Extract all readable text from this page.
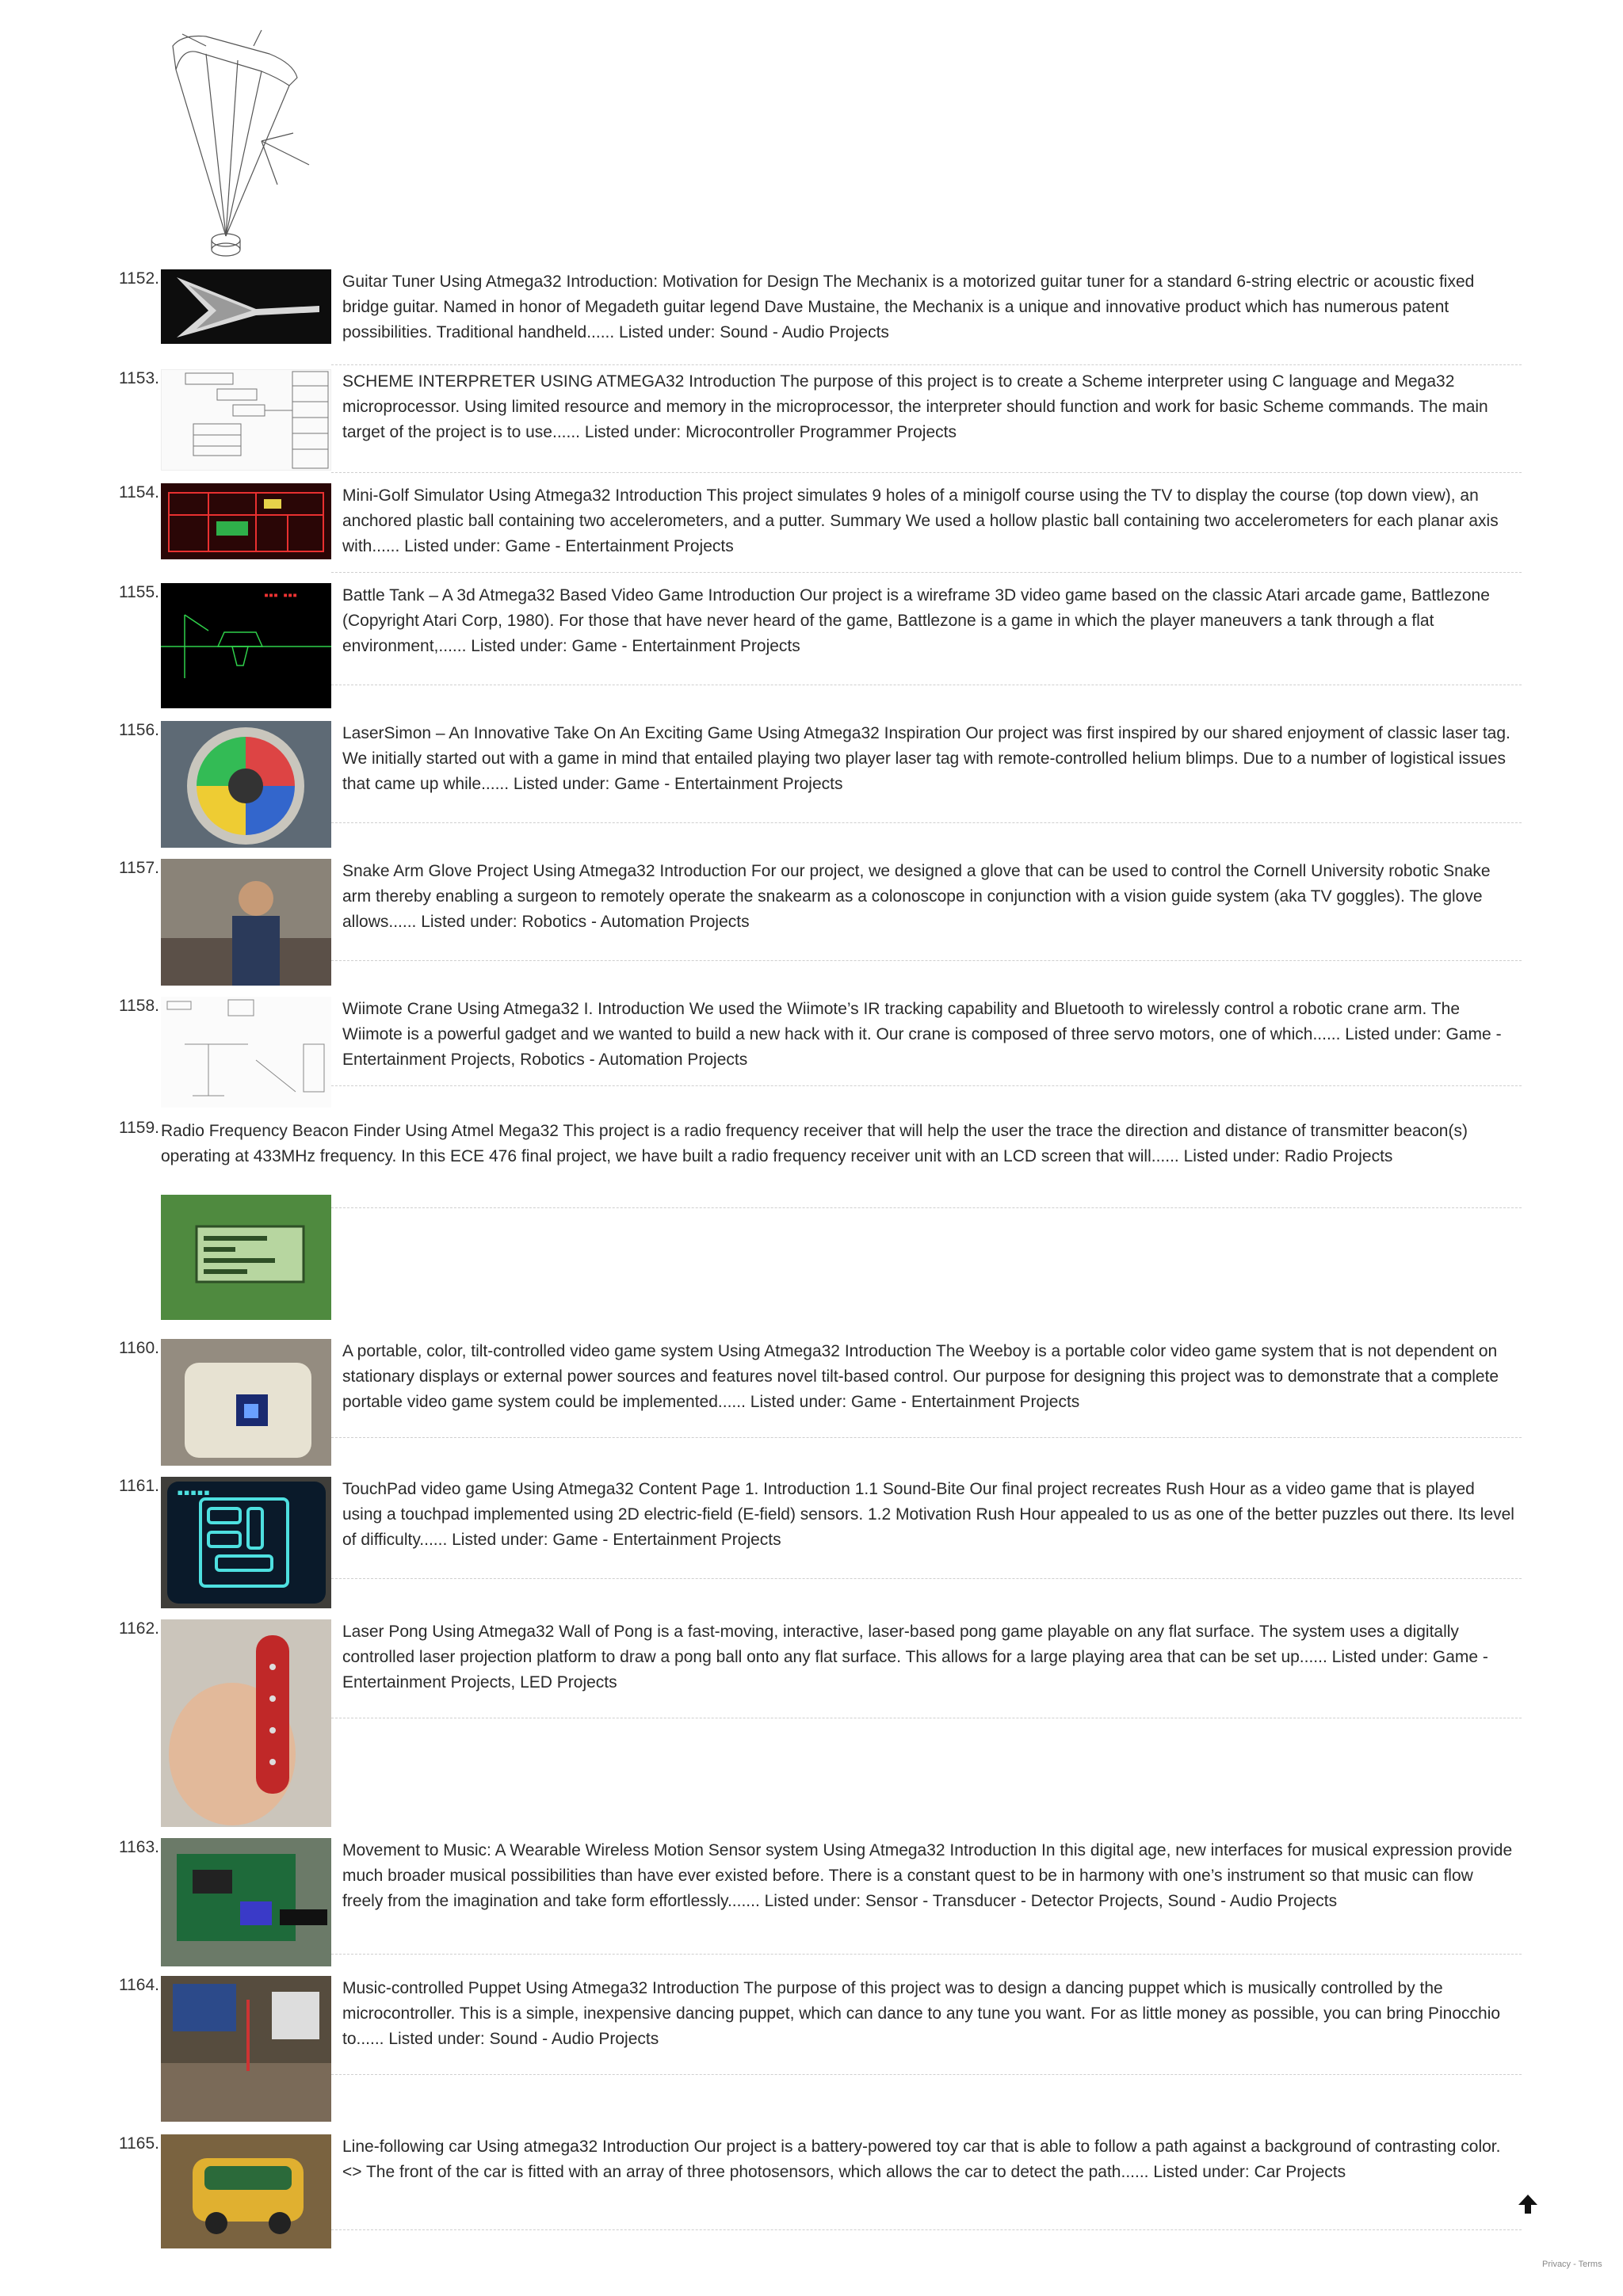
1152.	Guitar Tuner Using Atmega32 Introduction: Motivation for Design The Mechanix is a motorized guitar tuner for a standard 6-string electric or acoustic fixed bridge guitar. Named in honor of Megadeth guitar legend Dave Mustaine, the Mechanix is a unique and innovative product which has numerous patent possibilities. Traditional handheld...... Listed under: Sound - Audio Projects
1153.	SCHEME INTERPRETER USING ATMEGA32 Introduction The purpose of this project is to create a Scheme interpreter using C language and Mega32 microprocessor. Using limited resource and memory in the microprocessor, the interpreter should function and work for basic Scheme commands. The main target of the project is to use...... Listed under: Microcontroller Programmer Projects
1154.	Mini-Golf Simulator Using Atmega32 Introduction This project simulates 9 holes of a minigolf course using the TV to display the course (top down view), an anchored plastic ball containing two accelerometers, and a putter. Summary We used a hollow plastic ball containing two accelerometers for each planar axis with...... Listed under: Game - Entertainment Projects
1155.	▪▪▪ ▪▪▪	Battle Tank – A 3d Atmega32 Based Video Game Introduction Our project is a wireframe 3D video game based on the classic Atari arcade game, Battlezone (Copyright Atari Corp, 1980). For those that have never heard of the game, Battlezone is a game in which the player maneuvers a tank through a flat environment,...... Listed under: Game - Entertainment Projects
1156.	LaserSimon – An Innovative Take On An Exciting Game Using Atmega32 Inspiration Our project was first inspired by our shared enjoyment of classic laser tag. We initially started out with a game in mind that entailed playing two player laser tag with remote-controlled helium blimps. Due to a number of logistical issues that came up while...... Listed under: Game - Entertainment Projects
1157.	Snake Arm Glove Project Using Atmega32 Introduction For our project, we designed a glove that can be used to control the Cornell University robotic Snake arm thereby enabling a surgeon to remotely operate the snakearm as a colonoscope in conjunction with a vision guide system (aka TV goggles). The glove allows...... Listed under: Robotics - Automation Projects
1158.	Wiimote Crane Using Atmega32 I. Introduction We used the Wiimote’s IR tracking capability and Bluetooth to wirelessly control a robotic crane arm. The Wiimote is a powerful gadget and we wanted to build a new hack with it. Our crane is composed of three servo motors, one of which...... Listed under: Game - Entertainment Projects, Robotics - Automation Projects
1159. Radio Frequency Beacon Finder Using Atmel Mega32 This project is a radio frequency receiver that will help the user the trace the direction and distance of transmitter beacon(s) operating at 433MHz frequency. In this ECE 476 final project, we have built a radio frequency receiver unit with an LCD screen that will...... Listed under: Radio Projects
1160.	A portable, color, tilt-controlled video game system Using Atmega32 Introduction The Weeboy is a portable color video game system that is not dependent on stationary displays or external power sources and features novel tilt-based control. Our purpose for designing this project was to demonstrate that a complete portable video game system could be implemented...... Listed under: Game - Entertainment Projects
1161. ▪▪▪▪▪	TouchPad video game Using Atmega32 Content Page 1. Introduction 1.1 Sound-Bite Our final project recreates Rush Hour as a video game that is played using a touchpad implemented using 2D electric-field (E-field) sensors. 1.2 Motivation Rush Hour appealed to us as one of the better puzzles out there. Its level of difficulty...... Listed under: Game - Entertainment Projects
1162.	Laser Pong Using Atmega32 Wall of Pong is a fast-moving, interactive, laser-based pong game playable on any flat surface. The system uses a digitally controlled laser projection platform to draw a pong ball onto any flat surface. This allows for a large playing area that can be set up...... Listed under: Game - Entertainment Projects, LED Projects
1163.	Movement to Music: A Wearable Wireless Motion Sensor system Using Atmega32 Introduction In this digital age, new interfaces for musical expression provide much broader musical possibilities than have ever existed before. There is a constant quest to be in harmony with one’s instrument so that music can flow freely from the imagination and take form effortlessly....... Listed under: Sensor - Transducer - Detector Projects, Sound - Audio Projects
1164.	Music-controlled Puppet Using Atmega32 Introduction The purpose of this project was to design a dancing puppet which is musically controlled by the microcontroller. This is a simple, inexpensive dancing puppet, which can dance to any tune you want. For as little money as possible, you can bring Pinocchio to...... Listed under: Sound - Audio Projects
1165.	Line-following car Using atmega32 Introduction Our project is a battery-powered toy car that is able to follow a path against a background of contrasting color. <> The front of the car is fitted with an array of three photosensors, which allows the car to detect the path...... Listed under: Car Projects
Privacy - Terms
